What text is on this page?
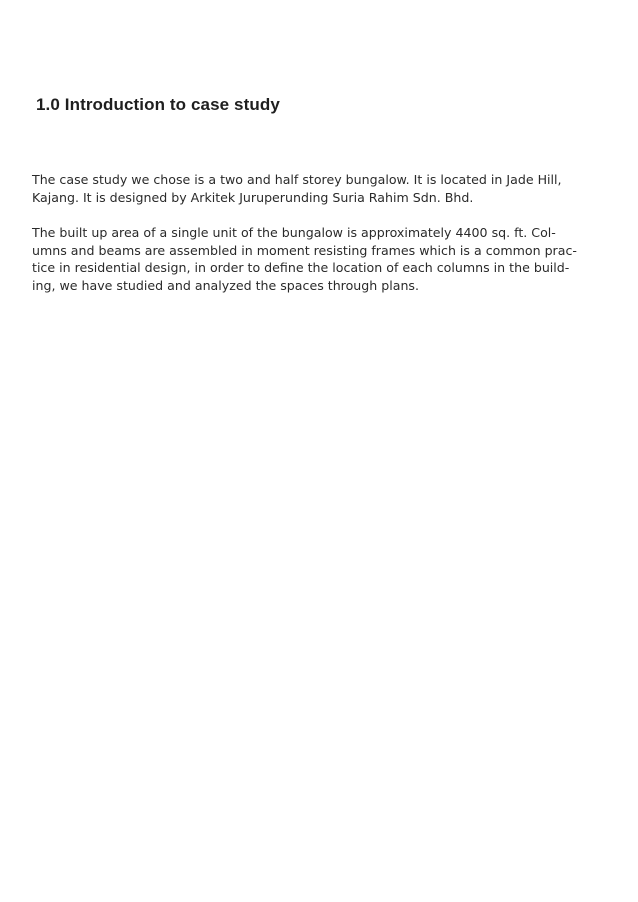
1.0 Introduction to case study

The case study we chose is a two and half storey bungalow. It is located in Jade Hill,
Kajang. It is designed by Arkitek Juruperunding Suria Rahim Sdn. Bhd.

The built up area of a single unit of the bungalow is approximately 4400 sq. ft. Col-
umns and beams are assembled in moment resisting frames which is a common prac-
tice in residential design, in order to define the location of each columns in the build-
ing, we have studied and analyzed the spaces through plans.
